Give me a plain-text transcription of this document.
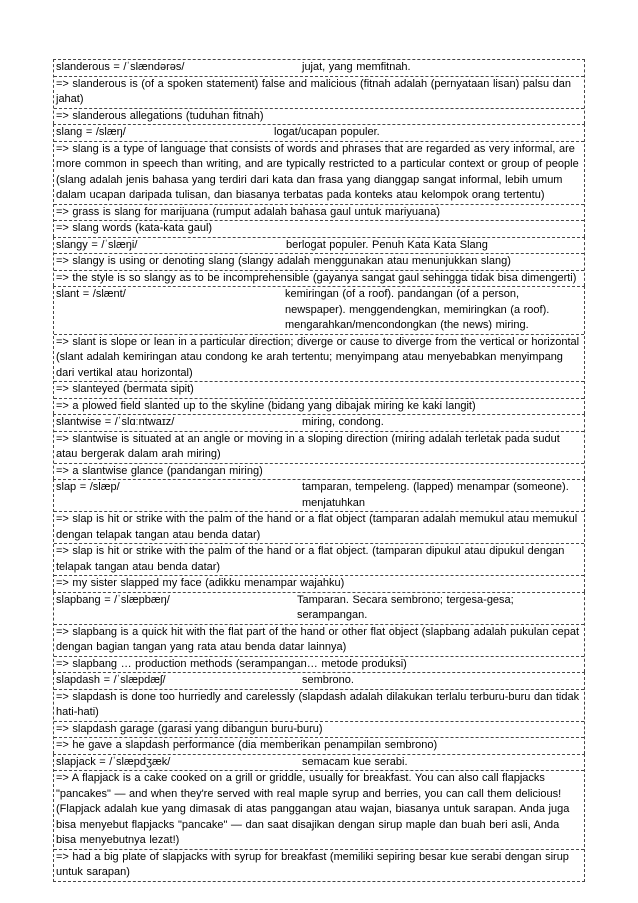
slanderous = /ˈslændərəs/	jujat, yang memfitnah.
=> slanderous is (of a spoken statement) false and malicious (fitnah adalah (pernyataan lisan) palsu dan jahat)
=> slanderous allegations (tuduhan fitnah)
slang = /slæŋ/	logat/ucapan populer.
=> slang is a type of language that consists of words and phrases that are regarded as very informal, are more common in speech than writing, and are typically restricted to a particular context or group of people (slang adalah jenis bahasa yang terdiri dari kata dan frasa yang dianggap sangat informal, lebih umum dalam ucapan daripada tulisan, dan biasanya terbatas pada konteks atau kelompok orang tertentu)
=> grass is slang for marijuana (rumput adalah bahasa gaul untuk mariyuana)
=> slang words (kata-kata gaul)
slangy = /ˈslæŋi/	berlogat populer. Penuh Kata Kata Slang
=> slangy is using or denoting slang (slangy adalah menggunakan atau menunjukkan slang)
=> the style is so slangy as to be incomprehensible (gayanya sangat gaul sehingga tidak bisa dimengerti)
slant = /slænt/	kemiringan (of a roof). pandangan (of a person, newspaper). menggendengkan, memiringkan (a roof). mengarahkan/mencondongkan (the news) miring.
=> slant is slope or lean in a particular direction; diverge or cause to diverge from the vertical or horizontal (slant adalah kemiringan atau condong ke arah tertentu; menyimpang atau menyebabkan menyimpang dari vertikal atau horizontal)
=> slanteyed (bermata sipit)
=> a plowed field slanted up to the skyline (bidang yang dibajak miring ke kaki langit)
slantwise = /ˈslɑːntwaɪz/	miring, condong.
=> slantwise is situated at an angle or moving in a sloping direction (miring adalah terletak pada sudut atau bergerak dalam arah miring)
=> a slantwise glance (pandangan miring)
slap = /slæp/	tamparan, tempeleng. (lapped) menampar (someone). menjatuhkan
=> slap is hit or strike with the palm of the hand or a flat object (tamparan adalah memukul atau memukul dengan telapak tangan atau benda datar)
=> slap is hit or strike with the palm of the hand or a flat object. (tamparan dipukul atau dipukul dengan telapak tangan atau benda datar)
=> my sister slapped my face (adikku menampar wajahku)
slapbang = /ˈslæpbæŋ/	Tamparan. Secara sembrono; tergesa-gesa; serampangan.
=> slapbang is a quick hit with the flat part of the hand or other flat object (slapbang adalah pukulan cepat dengan bagian tangan yang rata atau benda datar lainnya)
=> slapbang … production methods (serampangan… metode produksi)
slapdash = /ˈslæpdæʃ/	sembrono.
=> slapdash is done too hurriedly and carelessly (slapdash adalah dilakukan terlalu terburu-buru dan tidak hati-hati)
=> slapdash garage (garasi yang dibangun buru-buru)
=> he gave a slapdash performance (dia memberikan penampilan sembrono)
slapjack = /ˈslæpdʒæk/	semacam kue serabi.
=> A flapjack is a cake cooked on a grill or griddle, usually for breakfast. You can also call flapjacks "pancakes" — and when they're served with real maple syrup and berries, you can call them delicious! (Flapjack adalah kue yang dimasak di atas panggangan atau wajan, biasanya untuk sarapan. Anda juga bisa menyebut flapjacks "pancake" — dan saat disajikan dengan sirup maple dan buah beri asli, Anda bisa menyebutnya lezat!)
=> had a big plate of slapjacks with syrup for breakfast (memiliki sepiring besar kue serabi dengan sirup untuk sarapan)
